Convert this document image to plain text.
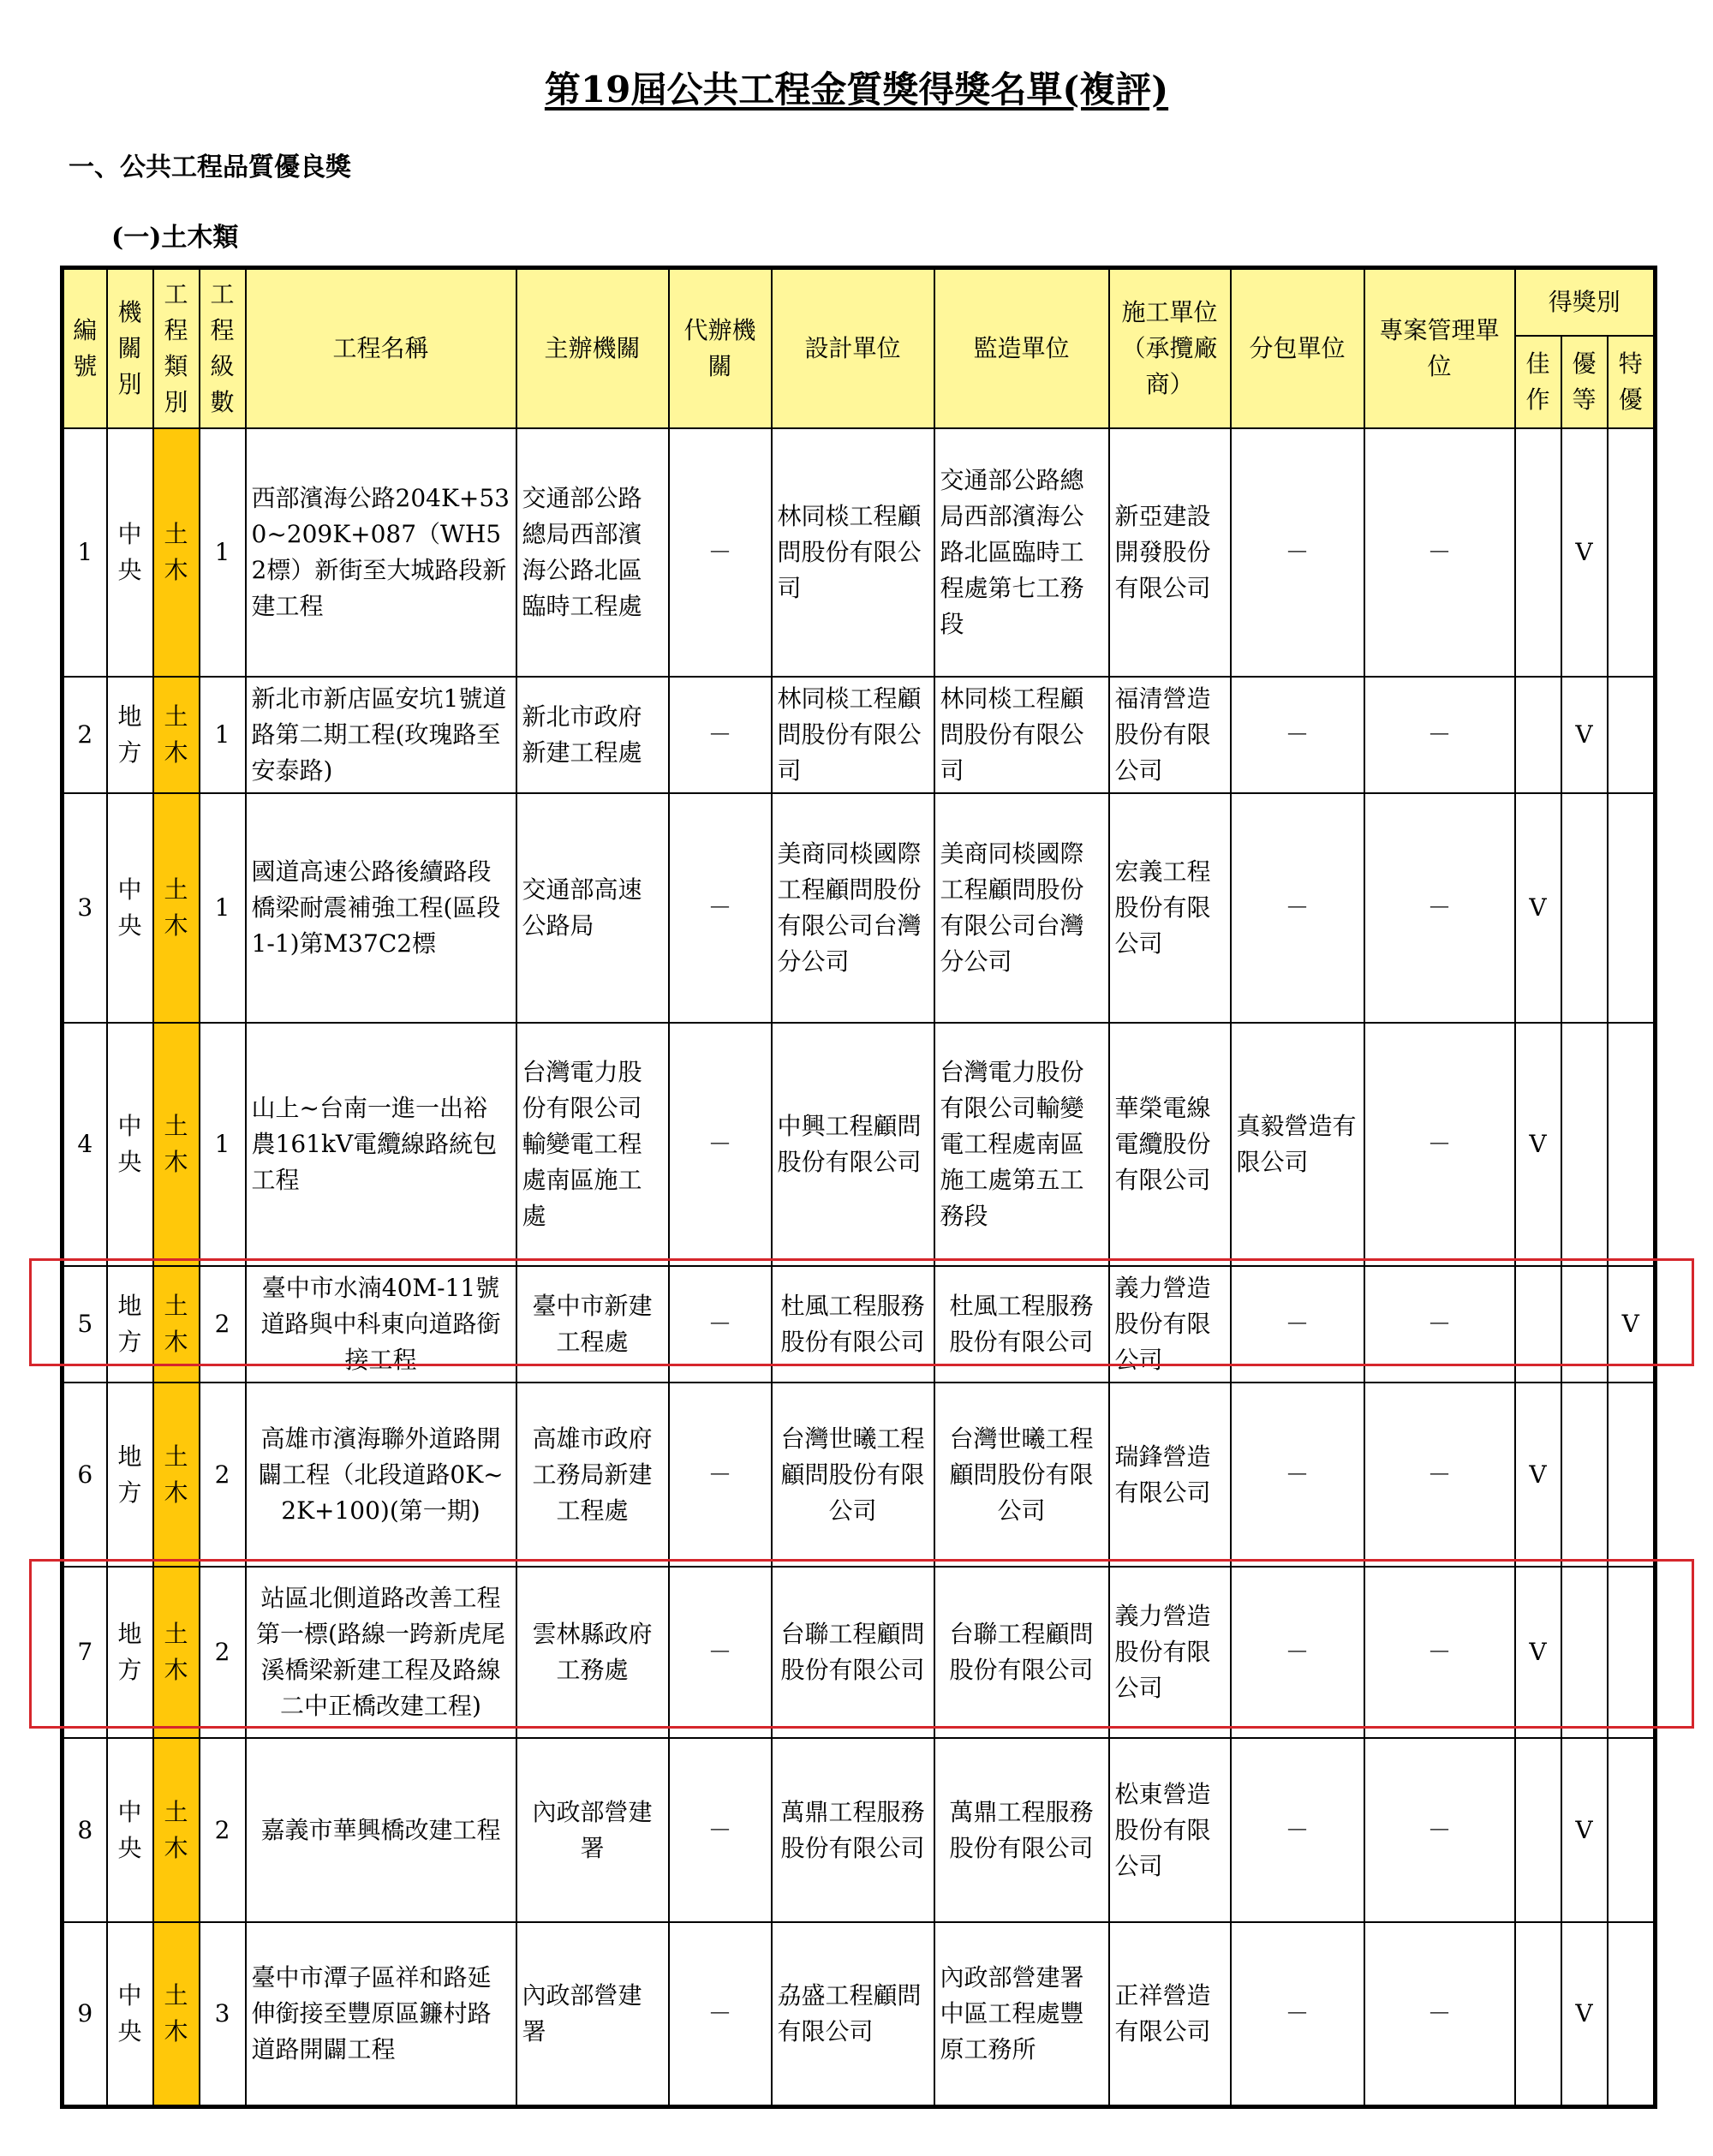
第19屆公共工程金質獎得獎名單(複評)
一、公共工程品質優良獎
(一)土木類
編號	機關別	工程類別	工程級數	工程名稱	主辦機關	代辦機關	設計單位	監造單位	施工單位（承攬廠商）	分包單位	專案管理單位	得獎別		
												佳作	優等	特優
1	中央	土木	1	西部濱海公路204K+530~209K+087（WH52標）新街至大城路段新建工程	交通部公路總局西部濱海公路北區臨時工程處	－	林同棪工程顧問股份有限公司	交通部公路總局西部濱海公路北區臨時工程處第七工務段	新亞建設開發股份有限公司	－	－		V	
2	地方	土木	1	新北市新店區安坑1號道路第二期工程(玫瑰路至安泰路)	新北市政府新建工程處	－	林同棪工程顧問股份有限公司	林同棪工程顧問股份有限公司	福清營造股份有限公司	－	－		V	
3	中央	土木	1	國道高速公路後續路段橋梁耐震補強工程(區段1-1)第M37C2標	交通部高速公路局	－	美商同棪國際工程顧問股份有限公司台灣分公司	美商同棪國際工程顧問股份有限公司台灣分公司	宏義工程股份有限公司	－	－	V		
4	中央	土木	1	山上~台南一進一出裕農161kV電纜線路統包工程	台灣電力股份有限公司輸變電工程處南區施工處	－	中興工程顧問股份有限公司	台灣電力股份有限公司輸變電工程處南區施工處第五工務段	華榮電線電纜股份有限公司	真毅營造有限公司	－	V		
5	地方	土木	2	臺中市水湳40M-11號道路與中科東向道路銜接工程	臺中市新建工程處	－	杜風工程服務股份有限公司	杜風工程服務股份有限公司	義力營造股份有限公司	－	－			V
6	地方	土木	2	高雄市濱海聯外道路開闢工程（北段道路0K~2K+100)(第一期)	高雄市政府工務局新建工程處	－	台灣世曦工程顧問股份有限公司	台灣世曦工程顧問股份有限公司	瑞鋒營造有限公司	－	－	V		
7	地方	土木	2	站區北側道路改善工程第一標(路線一跨新虎尾溪橋梁新建工程及路線二中正橋改建工程)	雲林縣政府工務處	－	台聯工程顧問股份有限公司	台聯工程顧問股份有限公司	義力營造股份有限公司	－	－	V		
8	中央	土木	2	嘉義市華興橋改建工程	內政部營建署	－	萬鼎工程服務股份有限公司	萬鼎工程服務股份有限公司	松東營造股份有限公司	－	－		V	
9	中央	土木	3	臺中市潭子區祥和路延伸銜接至豐原區鐮村路道路開闢工程	內政部營建署	－	劦盛工程顧問有限公司	內政部營建署中區工程處豐原工務所	正祥營造有限公司	－	－		V	
